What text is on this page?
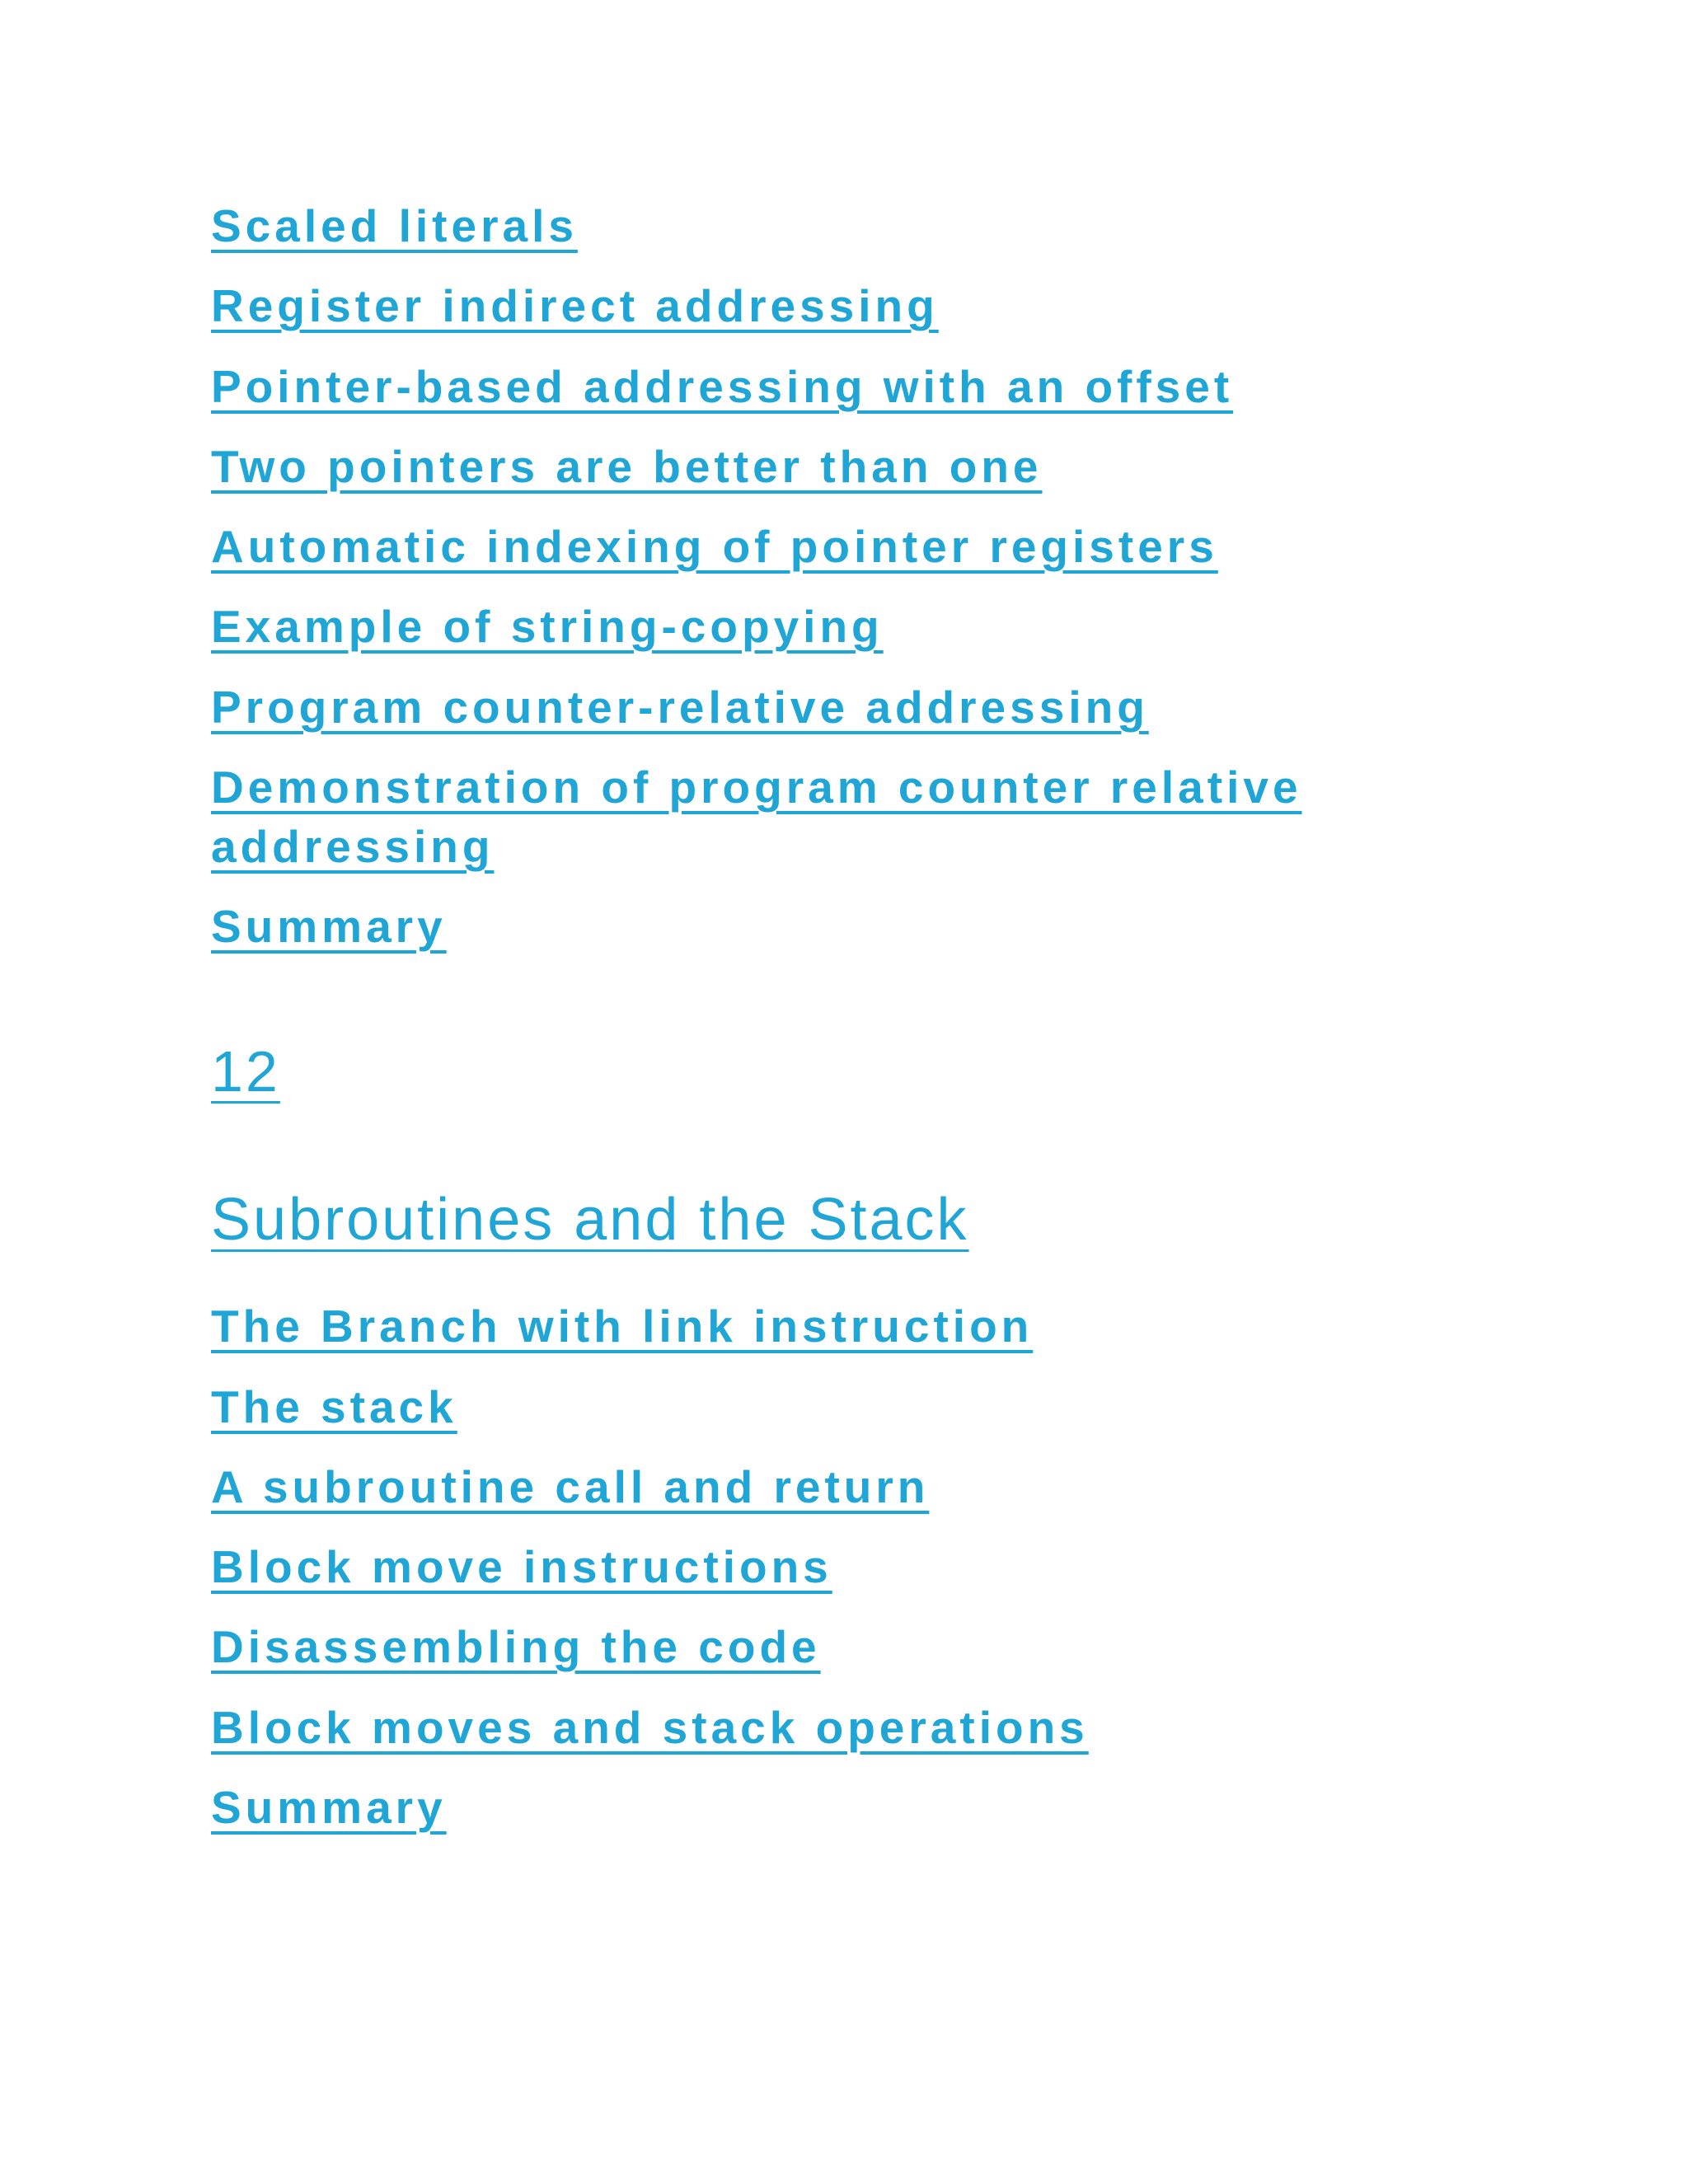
Scaled literals
Register indirect addressing
Pointer-based addressing with an offset
Two pointers are better than one
Automatic indexing of pointer registers
Example of string-copying
Program counter-relative addressing
Demonstration of program counter relative addressing
Summary
12
Subroutines and the Stack
The Branch with link instruction
The stack
A subroutine call and return
Block move instructions
Disassembling the code
Block moves and stack operations
Summary
